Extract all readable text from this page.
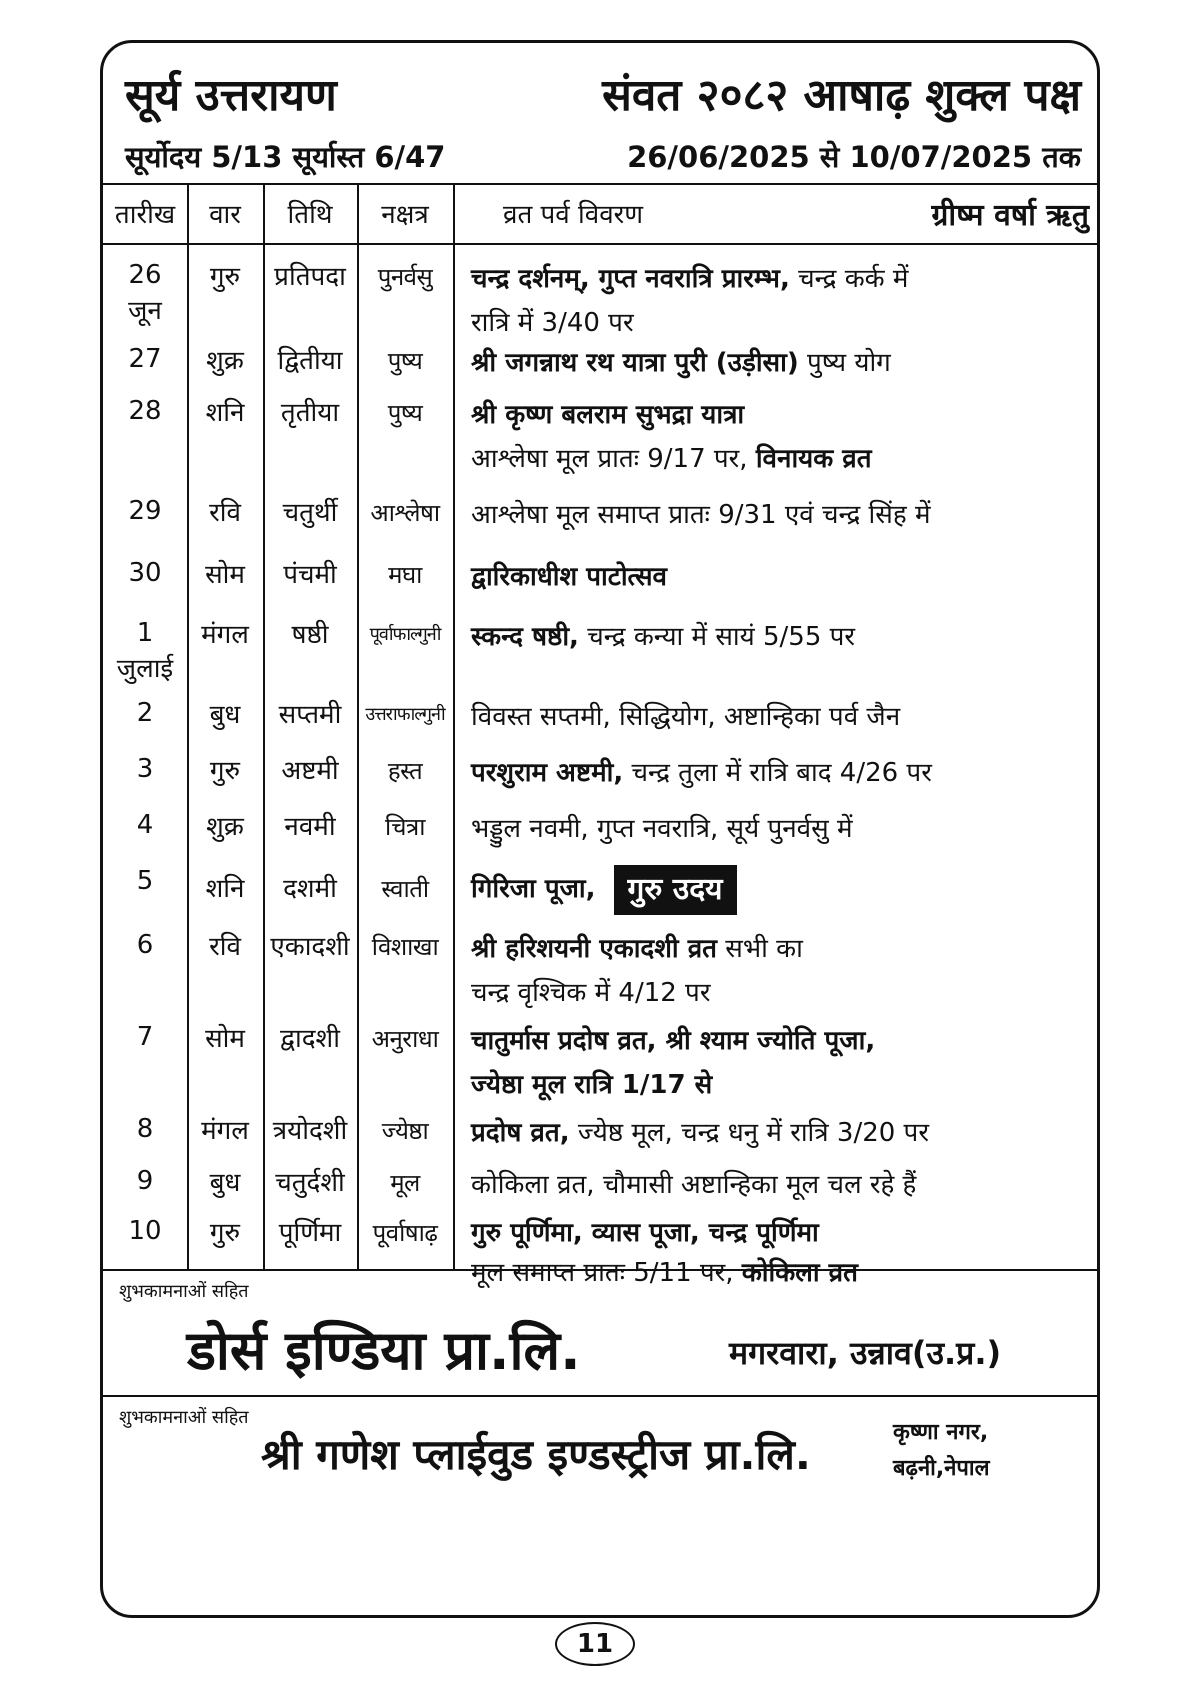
सूर्य उत्तरायण	संवत २०८२ आषाढ़ शुक्ल पक्ष
सूर्योदय 5/13 सूर्यास्त 6/47	26/06/2025 से 10/07/2025 तक
तारीख	वार	तिथि	नक्षत्र	व्रत पर्व विवरण	ग्रीष्म वर्षा ऋतु
26
जून
गुरु	प्रतिपदा	पुनर्वसु	चन्द्र दर्शनम्, गुप्त नवरात्रि प्रारम्भ, चन्द्र कर्क में
रात्रि में 3/40 पर
27	शुक्र	द्वितीया	पुष्य	श्री जगन्नाथ रथ यात्रा पुरी (उड़ीसा) पुष्य योग
28	शनि	तृतीया	पुष्य	श्री कृष्ण बलराम सुभद्रा यात्रा
आश्लेषा मूल प्रातः 9/17 पर, विनायक व्रत
29	रवि	चतुर्थी	आश्लेषा	आश्लेषा मूल समाप्त प्रातः 9/31 एवं चन्द्र सिंह में
30	सोम	पंचमी	मघा	द्वारिकाधीश पाटोत्सव
1
जुलाई
मंगल	षष्ठी	पूर्वाफाल्गुनी	स्कन्द षष्ठी, चन्द्र कन्या में सायं 5/55 पर
2	बुध	सप्तमी	उत्तराफाल्गुनी	विवस्त सप्तमी, सिद्धियोग, अष्टान्हिका पर्व जैन
3	गुरु	अष्टमी	हस्त	परशुराम अष्टमी, चन्द्र तुला में रात्रि बाद 4/26 पर
4	शुक्र	नवमी	चित्रा	भड्डुल नवमी, गुप्त नवरात्रि, सूर्य पुनर्वसु में
5	शनि	दशमी	स्वाती	गिरिजा पूजा, गुरु उदय
6	रवि	एकादशी विशाखा	श्री हरिशयनी एकादशी व्रत सभी का
चन्द्र वृश्चिक में 4/12 पर
7	सोम	द्वादशी	अनुराधा	चातुर्मास प्रदोष व्रत, श्री श्याम ज्योति पूजा,
ज्येष्ठा मूल रात्रि 1/17 से
8	मंगल त्रयोदशी	ज्येष्ठा	प्रदोष व्रत, ज्येष्ठ मूल, चन्द्र धनु में रात्रि 3/20 पर
9	बुध	चतुर्दशी	मूल	कोकिला व्रत, चौमासी अष्टान्हिका मूल चल रहे हैं
10	गुरु	पूर्णिमा	पूर्वाषाढ़	गुरु पूर्णिमा, व्यास पूजा, चन्द्र पूर्णिमा
मूल समाप्त प्रातः 5/11 पर, कोकिला व्रत
शुभकामनाओं सहित
डोर्स इण्डिया प्रा.लि.	मगरवारा, उन्नाव(उ.प्र.)
शुभकामनाओं सहित
श्री गणेश प्लाईवुड इण्डस्ट्रीज प्रा.लि.	कृष्णा नगर,
बढ़नी,नेपाल
11
